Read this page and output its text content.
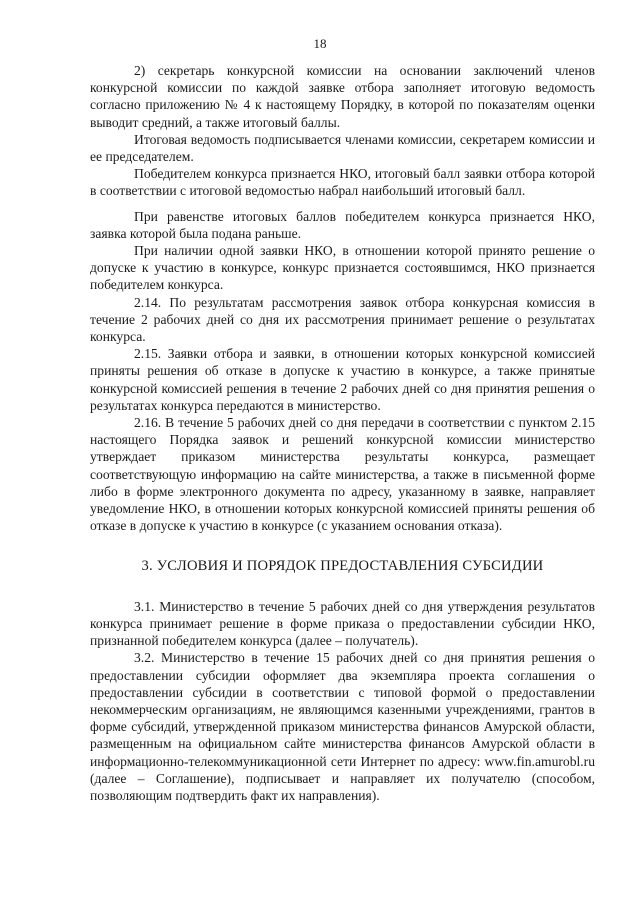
18

2) секретарь конкурсной комиссии на основании заключений членов конкурсной комиссии по каждой заявке отбора заполняет итоговую ведомость согласно приложению № 4 к настоящему Порядку, в которой по показателям оценки выводит средний, а также итоговый баллы.

Итоговая ведомость подписывается членами комиссии, секретарем комиссии и ее председателем.

Победителем конкурса признается НКО, итоговый балл заявки отбора которой в соответствии с итоговой ведомостью набрал наибольший итоговый балл.

При равенстве итоговых баллов победителем конкурса признается НКО, заявка которой была подана раньше.

При наличии одной заявки НКО, в отношении которой принято решение о допуске к участию в конкурсе, конкурс признается состоявшимся, НКО признается победителем конкурса.

2.14. По результатам рассмотрения заявок отбора конкурсная комиссия в течение 2 рабочих дней со дня их рассмотрения принимает решение о результатах конкурса.

2.15. Заявки отбора и заявки, в отношении которых конкурсной комиссией приняты решения об отказе в допуске к участию в конкурсе, а также принятые конкурсной комиссией решения в течение 2 рабочих дней со дня принятия решения о результатах конкурса передаются в министерство.

2.16. В течение 5 рабочих дней со дня передачи в соответствии с пунктом 2.15 настоящего Порядка заявок и решений конкурсной комиссии министерство утверждает приказом министерства результаты конкурса, размещает соответствующую информацию на сайте министерства, а также в письменной форме либо в форме электронного документа по адресу, указанному в заявке, направляет уведомление НКО, в отношении которых конкурсной комиссией приняты решения об отказе в допуске к участию в конкурсе (с указанием основания отказа).

3. УСЛОВИЯ И ПОРЯДОК ПРЕДОСТАВЛЕНИЯ СУБСИДИИ

3.1. Министерство в течение 5 рабочих дней со дня утверждения результатов конкурса принимает решение в форме приказа о предоставлении субсидии НКО, признанной победителем конкурса (далее – получатель).

3.2. Министерство в течение 15 рабочих дней со дня принятия решения о предоставлении субсидии оформляет два экземпляра проекта соглашения о предоставлении субсидии в соответствии с типовой формой о предоставлении некоммерческим организациям, не являющимся казенными учреждениями, грантов в форме субсидий, утвержденной приказом министерства финансов Амурской области, размещенным на официальном сайте министерства финансов Амурской области в информационно-телекоммуникационной сети Интернет по адресу: www.fin.amurobl.ru (далее – Соглашение), подписывает и направляет их получателю (способом, позволяющим подтвердить факт их направления).
